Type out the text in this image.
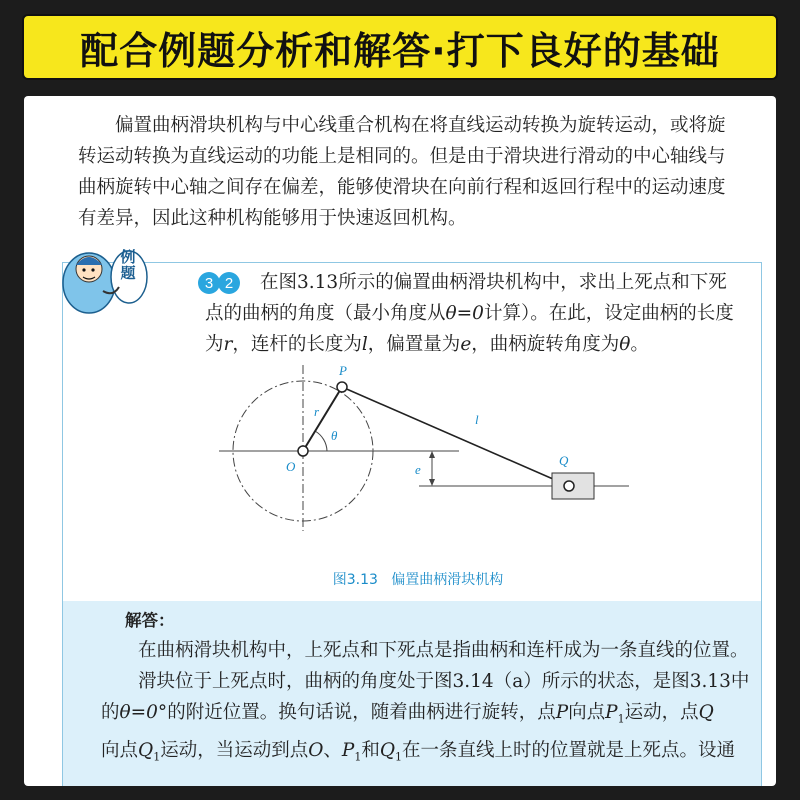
配合例题分析和解答·打下良好的基础

偏置曲柄滑块机构与中心线重合机构在将直线运动转换为旋转运动，或将旋转运动转换为直线运动的功能上是相同的。但是由于滑块进行滑动的中心轴线与曲柄旋转中心轴之间存在偏差，能够使滑块在向前行程和返回行程中的运动速度有差异，因此这种机构能够用于快速返回机构。

例题
3 2	在图3.13所示的偏置曲柄滑块机构中，求出上死点和下死点的曲柄的角度（最小角度从θ=0计算）。在此，设定曲柄的长度为r，连杆的长度为l，偏置量为e，曲柄旋转角度为θ。

P
O
r
θ
l
e
Q
图3.13 偏置曲柄滑块机构
解答：
在曲柄滑块机构中，上死点和下死点是指曲柄和连杆成为一条直线的位置。
滑块位于上死点时，曲柄的角度处于图3.14（a）所示的状态，是图3.13中
的θ=0°的附近位置。换句话说，随着曲柄进行旋转，点P向点$P_1$运动，点Q
向点$Q_1$运动，当运动到点O、$P_1$和$Q_1$在一条直线上时的位置就是上死点。设通
